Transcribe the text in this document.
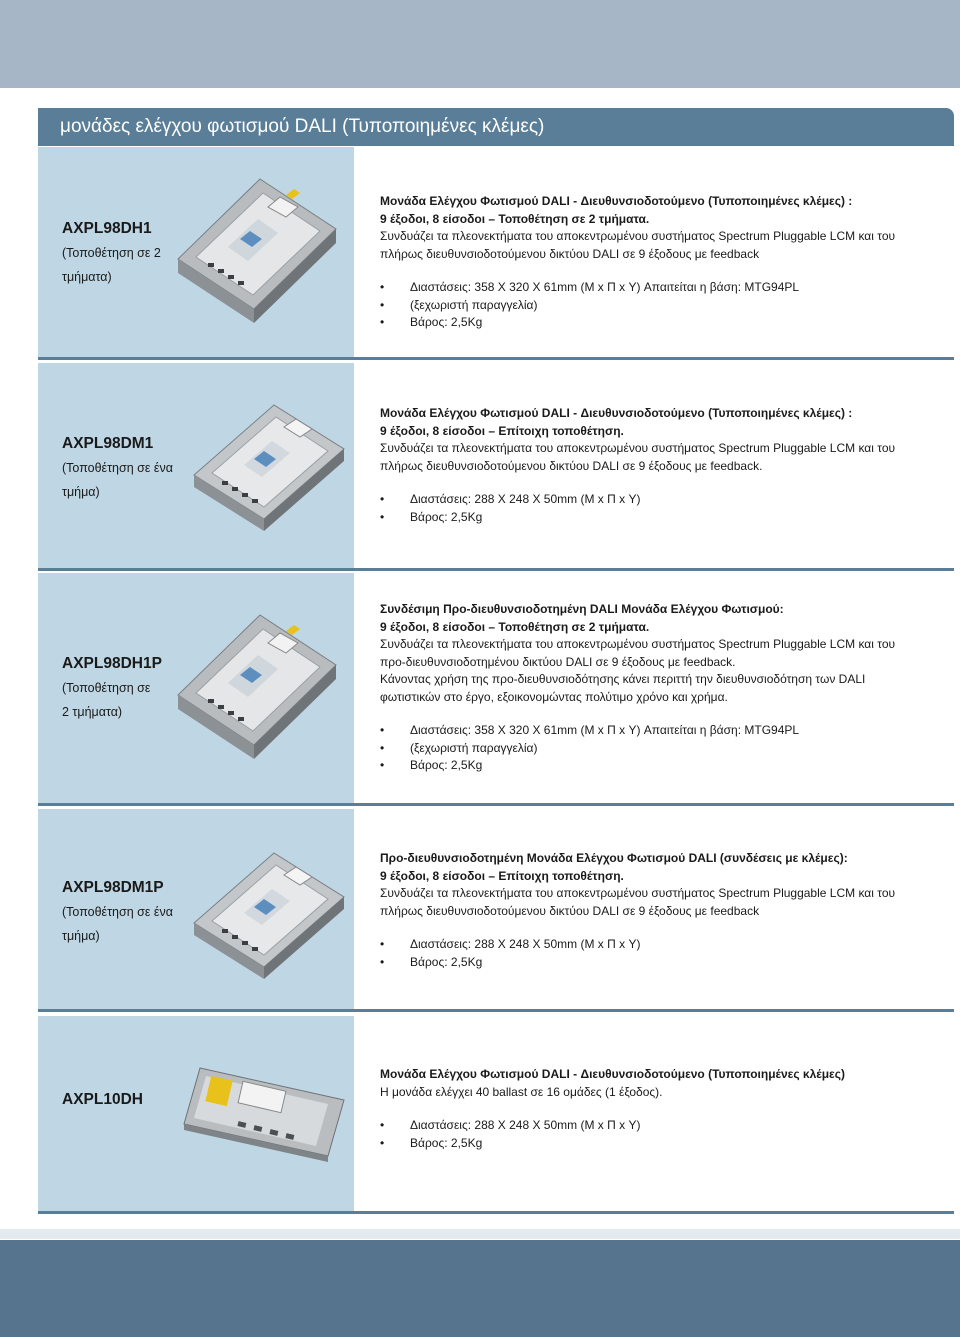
μονάδες ελέγχου φωτισμού DALI (Τυποποιημένες κλέμες)
AXPL98DH1
(Τοποθέτηση σε 2
τμήματα)
Μονάδα Ελέγχου Φωτισμού DALI - Διευθυνσιοδοτούμενο (Τυποποιημένες κλέμες) :
9 έξοδοι, 8 είσοδοι – Τοποθέτηση σε 2 τμήματα.
Συνδυάζει τα πλεονεκτήματα του αποκεντρωμένου συστήματος Spectrum Pluggable LCM και του
πλήρως διευθυνσιοδοτούμενου δικτύου DALI σε 9 έξοδους με feedback
• Διαστάσεις: 358 X 320 X 61mm (Μ x Π x Υ) Απαιτείται η βάση: MTG94PL
• (ξεχωριστή παραγγελία)
• Βάρος: 2,5Kg
AXPL98DM1
(Τοποθέτηση σε ένα
τμήμα)
Μονάδα Ελέγχου Φωτισμού DALI - Διευθυνσιοδοτούμενο (Τυποποιημένες κλέμες) :
9 έξοδοι, 8 είσοδοι – Επίτοιχη τοποθέτηση.
Συνδυάζει τα πλεονεκτήματα του αποκεντρωμένου συστήματος Spectrum Pluggable LCM και του
πλήρως διευθυνσιοδοτούμενου δικτύου DALI σε 9 έξοδους με feedback.
• Διαστάσεις: 288 X 248 X 50mm (Μ x Π x Υ)
• Βάρος: 2,5Kg
AXPL98DH1P
(Τοποθέτηση σε
2 τμήματα)
Συνδέσιμη Προ-διευθυνσιοδοτημένη DALI Μονάδα Ελέγχου Φωτισμού:
9 έξοδοι, 8 είσοδοι – Τοποθέτηση σε 2 τμήματα.
Συνδυάζει τα πλεονεκτήματα του αποκεντρωμένου συστήματος Spectrum Pluggable LCM και του
προ-διευθυνσιοδοτημένου δικτύου DALI σε 9 έξοδους με feedback.
Κάνοντας χρήση της προ-διευθυνσιοδότησης κάνει περιττή την διευθυνσιοδότηση των DALI
φωτιστικών στο έργο, εξοικονομώντας πολύτιμο χρόνο και χρήμα.
• Διαστάσεις: 358 X 320 X 61mm (Μ x Π x Υ) Απαιτείται η βάση: MTG94PL
• (ξεχωριστή παραγγελία)
• Βάρος: 2,5Kg
AXPL98DM1P
(Τοποθέτηση σε ένα
τμήμα)
Προ-διευθυνσιοδοτημένη Μονάδα Ελέγχου Φωτισμού DALI (συνδέσεις με κλέμες):
9 έξοδοι, 8 είσοδοι – Επίτοιχη τοποθέτηση.
Συνδυάζει τα πλεονεκτήματα του αποκεντρωμένου συστήματος Spectrum Pluggable LCM και του
πλήρως διευθυνσιοδοτούμενου δικτύου DALI σε 9 έξοδους με feedback
• Διαστάσεις: 288 X 248 X 50mm (Μ x Π x Υ)
• Βάρος: 2,5Kg
AXPL10DH
Μονάδα Ελέγχου Φωτισμού DALI - Διευθυνσιοδοτούμενο (Τυποποιημένες κλέμες)
Η μονάδα ελέγχει 40 ballast σε 16 ομάδες (1 έξοδος).
• Διαστάσεις: 288 X 248 X 50mm (Μ x Π x Υ)
• Βάρος: 2,5Kg
